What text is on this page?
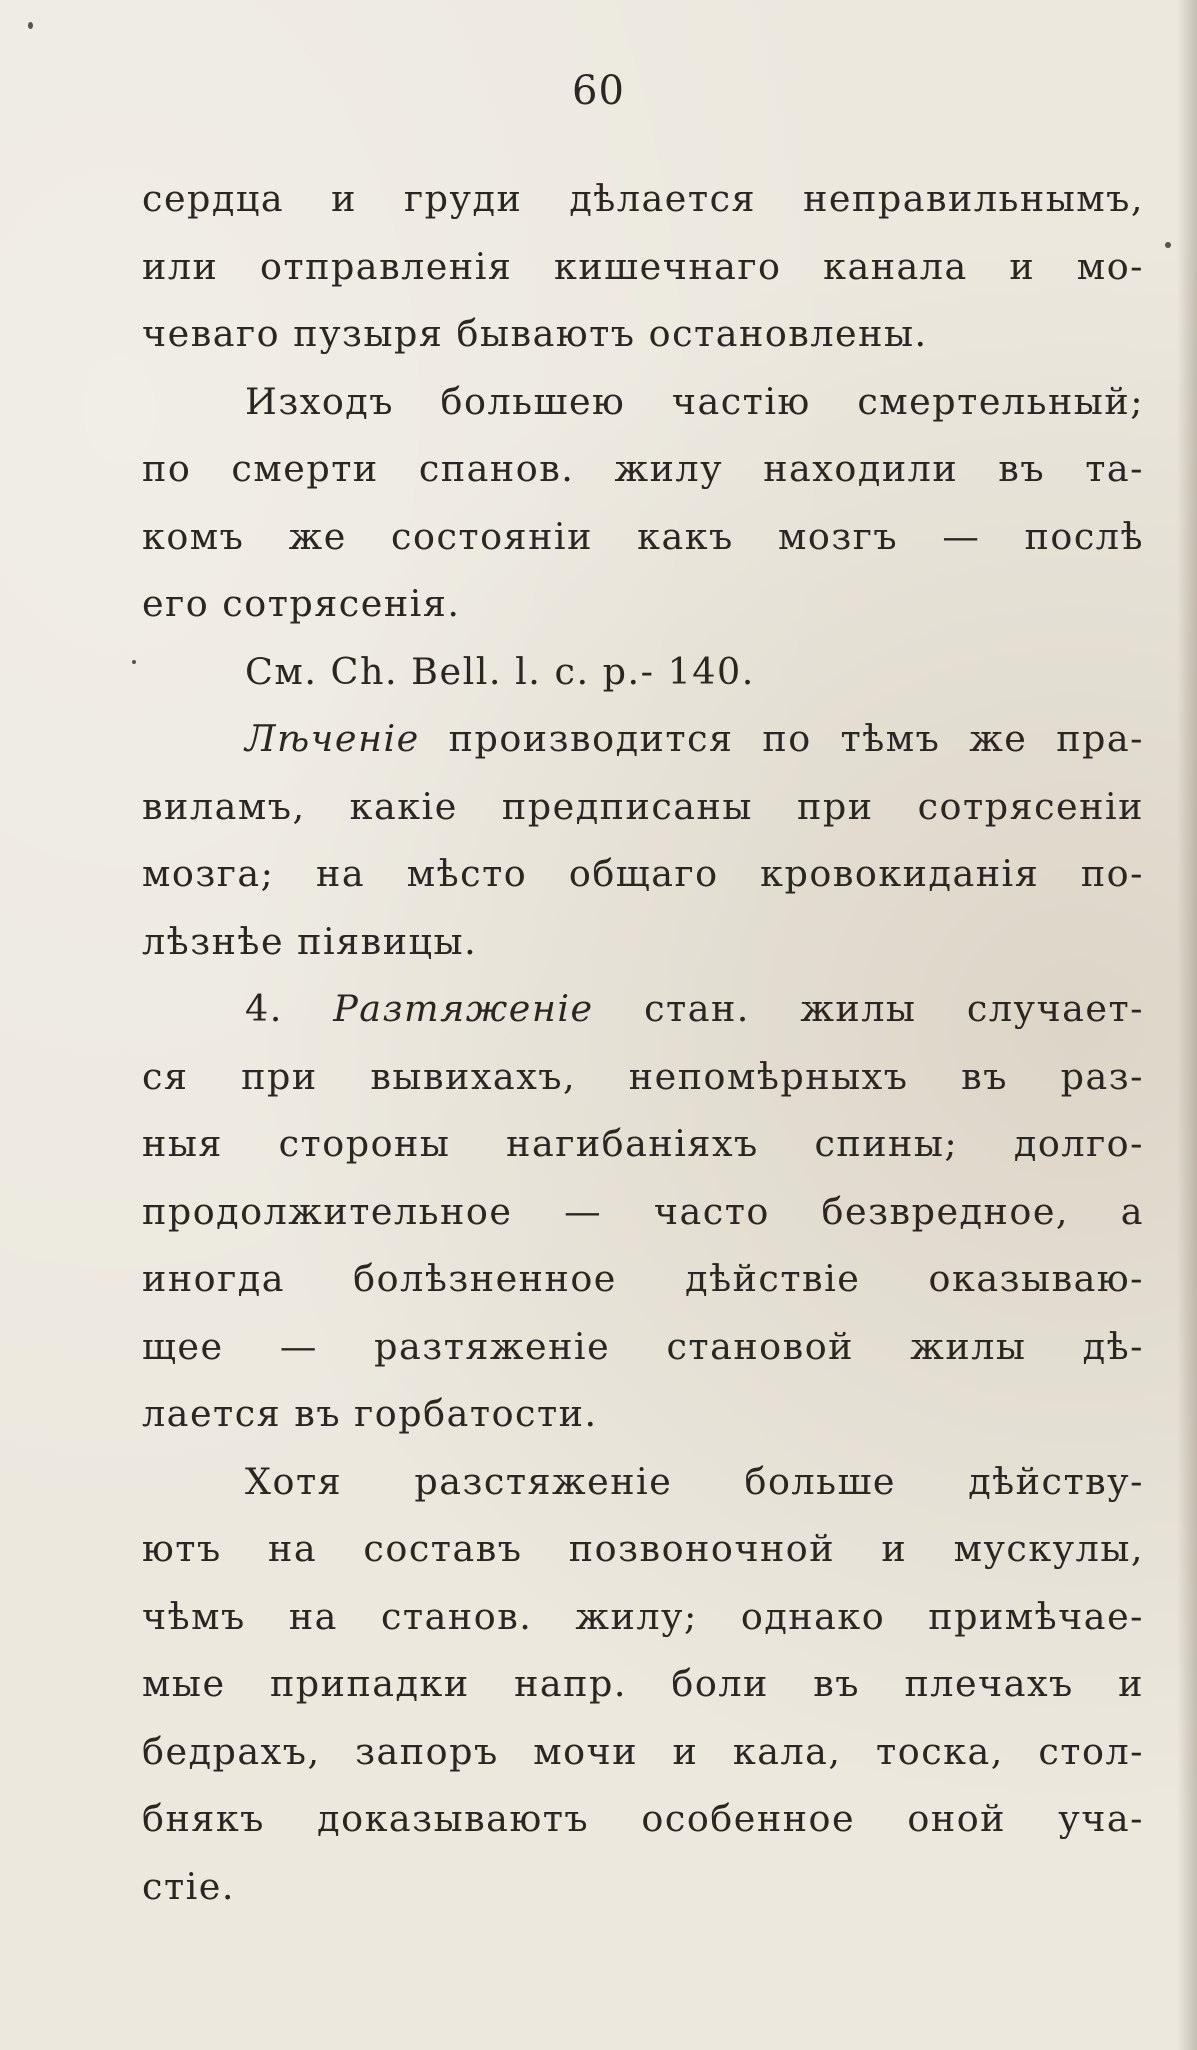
60
сердца и груди дѣлается неправильнымъ,
или отправленія кишечнаго канала и мо-
чеваго пузыря бываютъ остановлены.
Изходъ большею частію смертельный;
по смерти спанов. жилу находили въ та-
комъ же состояніи какъ мозгъ — послѣ
его сотрясенія.
См. Ch. Bell. l. c. p.- 140.
Лѣченіе производится по тѣмъ же пра-
виламъ, какіе предписаны при сотрясеніи
мозга; на мѣсто общаго кровокиданія по-
лѣзнѣе піявицы.
4. Разтяженіе стан. жилы случает-
ся при вывихахъ, непомѣрныхъ въ раз-
ныя стороны нагибаніяхъ спины; долго-
продолжительное — часто безвредное, а
иногда болѣзненное дѣйствіе оказываю-
щее — разтяженіе становой жилы дѣ-
лается въ горбатости.
Хотя разстяженіе больше дѣйству-
ютъ на составъ позвоночной и мускулы,
чѣмъ на станов. жилу; однако примѣчае-
мые припадки напр. боли въ плечахъ и
бедрахъ, запоръ мочи и кала, тоска, стол-
бнякъ доказываютъ особенное оной уча-
стіе.
